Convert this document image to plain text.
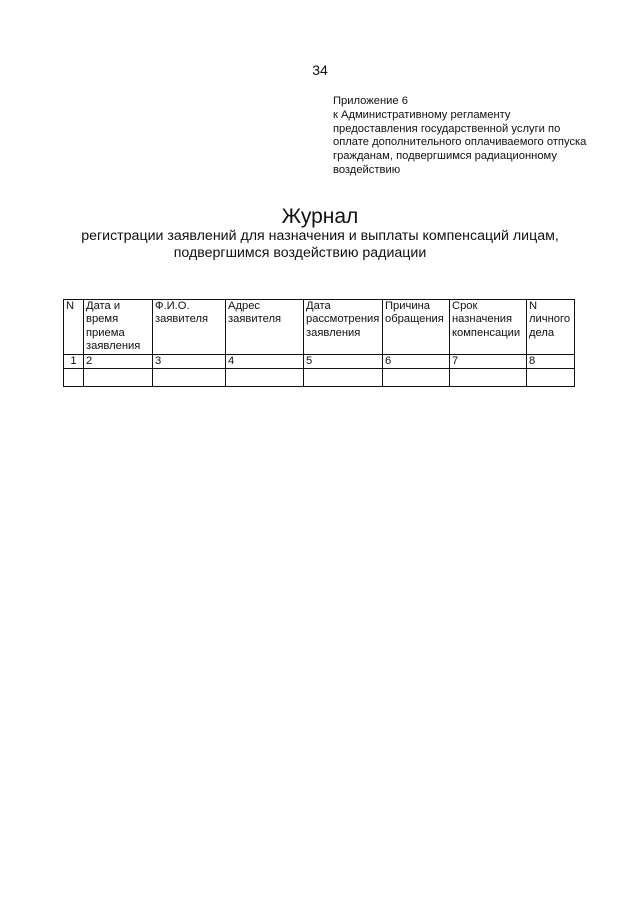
34
Приложение 6
к Административному регламенту
предоставления государственной услуги по
оплате дополнительного оплачиваемого отпуска
гражданам, подвергшимся радиационному
воздействию
Журнал
регистрации заявлений для назначения и выплаты компенсаций лицам,
подвергшимся воздействию радиации
N	Дата и время приема заявления	Ф.И.О. заявителя	Адрес заявителя	Дата рассмотрения заявления	Причина обращения	Срок назначения компенсации	N личного дела
1	2	3	4	5	6	7	8
